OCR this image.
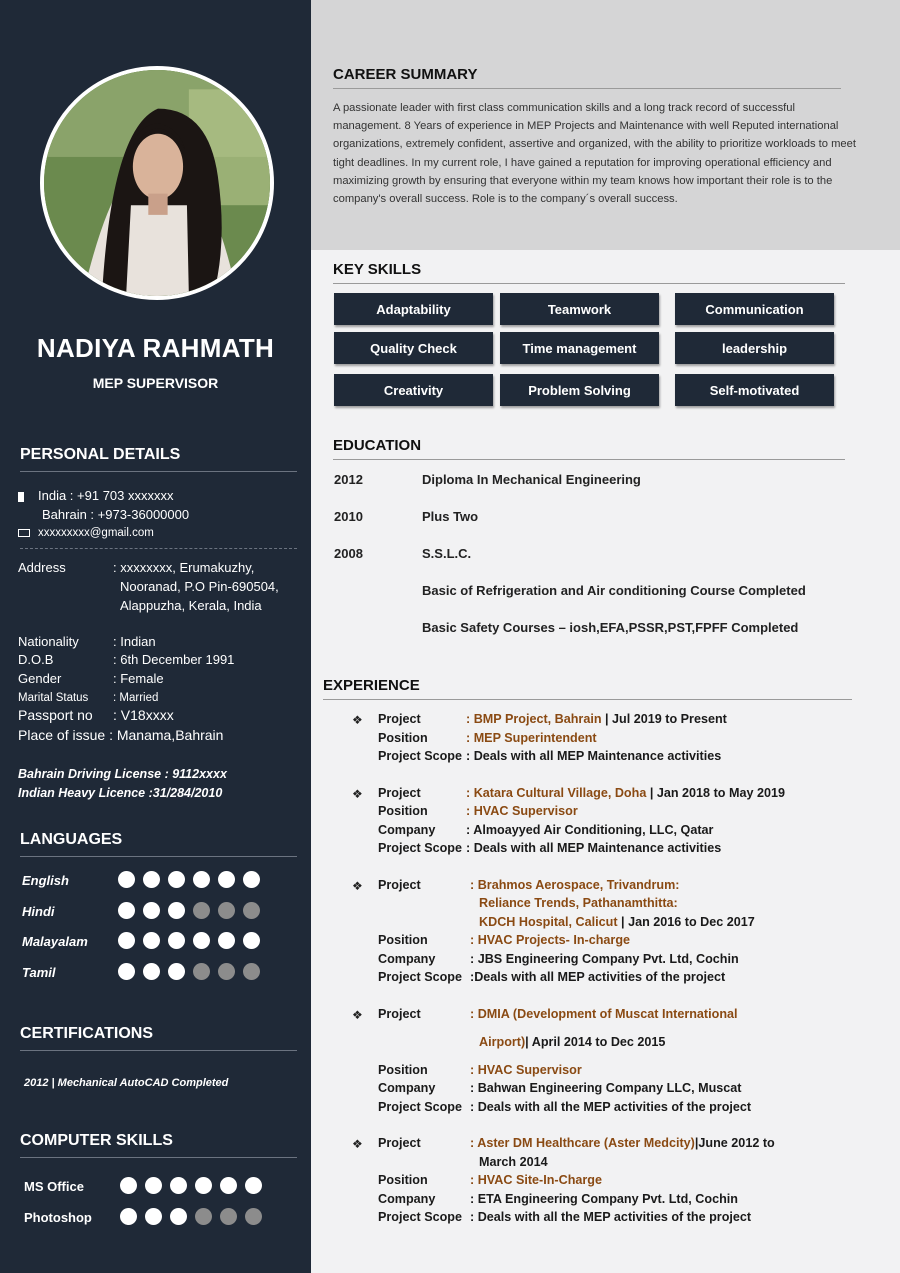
NADIYA RAHMATH
MEP SUPERVISOR
PERSONAL DETAILS
India : +91 703 xxxxxxx
Bahrain : +973-36000000
xxxxxxxxx@gmail.com
Address	: xxxxxxxx, Erumakuzhy,
Nooranad, P.O Pin-690504,
Alappuzha, Kerala, India
Nationality	: Indian
D.O.B	: 6th December 1991
Gender	: Female
Marital Status : Married
Passport no : V18xxxx
Place of issue : Manama,Bahrain
Bahrain Driving License : 9112xxxx
Indian Heavy Licence :31/284/2010
LANGUAGES
English
Hindi
Malayalam
Tamil
CERTIFICATIONS
2012 | Mechanical AutoCAD Completed
COMPUTER SKILLS
MS Office
Photoshop
CAREER SUMMARY
A passionate leader with first class communication skills and a long track record of successful management. 8 Years of experience in MEP Projects and Maintenance with well Reputed international organizations, extremely confident, assertive and organized, with the ability to prioritize workloads to meet tight deadlines. In my current role, I have gained a reputation for improving operational efficiency and maximizing growth by ensuring that everyone within my team knows how important their role is to the company's overall success. Role is to the company´s overall success.
KEY SKILLS
Adaptability	Teamwork	Communication
Quality Check	Time management	leadership
Creativity	Problem Solving	Self-motivated
EDUCATION
2012	Diploma In Mechanical Engineering
2010	Plus Two
2008	S.S.L.C.
Basic of Refrigeration and Air conditioning Course Completed
Basic Safety Courses – iosh,EFA,PSSR,PST,FPFF Completed
EXPERIENCE
❖ Project	: BMP Project, Bahrain | Jul 2019 to Present
Position	: MEP Superintendent
Project Scope : Deals with all MEP Maintenance activities
❖ Project	: Katara Cultural Village, Doha | Jan 2018 to May 2019
Position	: HVAC Supervisor
Company : Almoayyed Air Conditioning, LLC, Qatar
Project Scope : Deals with all MEP Maintenance activities
❖ Project	: Brahmos Aerospace, Trivandrum:
Reliance Trends, Pathanamthitta:
KDCH Hospital, Calicut | Jan 2016 to Dec 2017
Position	: HVAC Projects- In-charge
Company	: JBS Engineering Company Pvt. Ltd, Cochin
Project Scope :Deals with all MEP activities of the project
❖ Project	: DMIA (Development of Muscat International
Airport)| April 2014 to Dec 2015
Position	: HVAC Supervisor
Company	: Bahwan Engineering Company LLC, Muscat
Project Scope : Deals with all the MEP activities of the project
❖ Project	: Aster DM Healthcare (Aster Medcity)|June 2012 to
March 2014
Position	: HVAC Site-In-Charge
Company	: ETA Engineering Company Pvt. Ltd, Cochin
Project Scope : Deals with all the MEP activities of the project
